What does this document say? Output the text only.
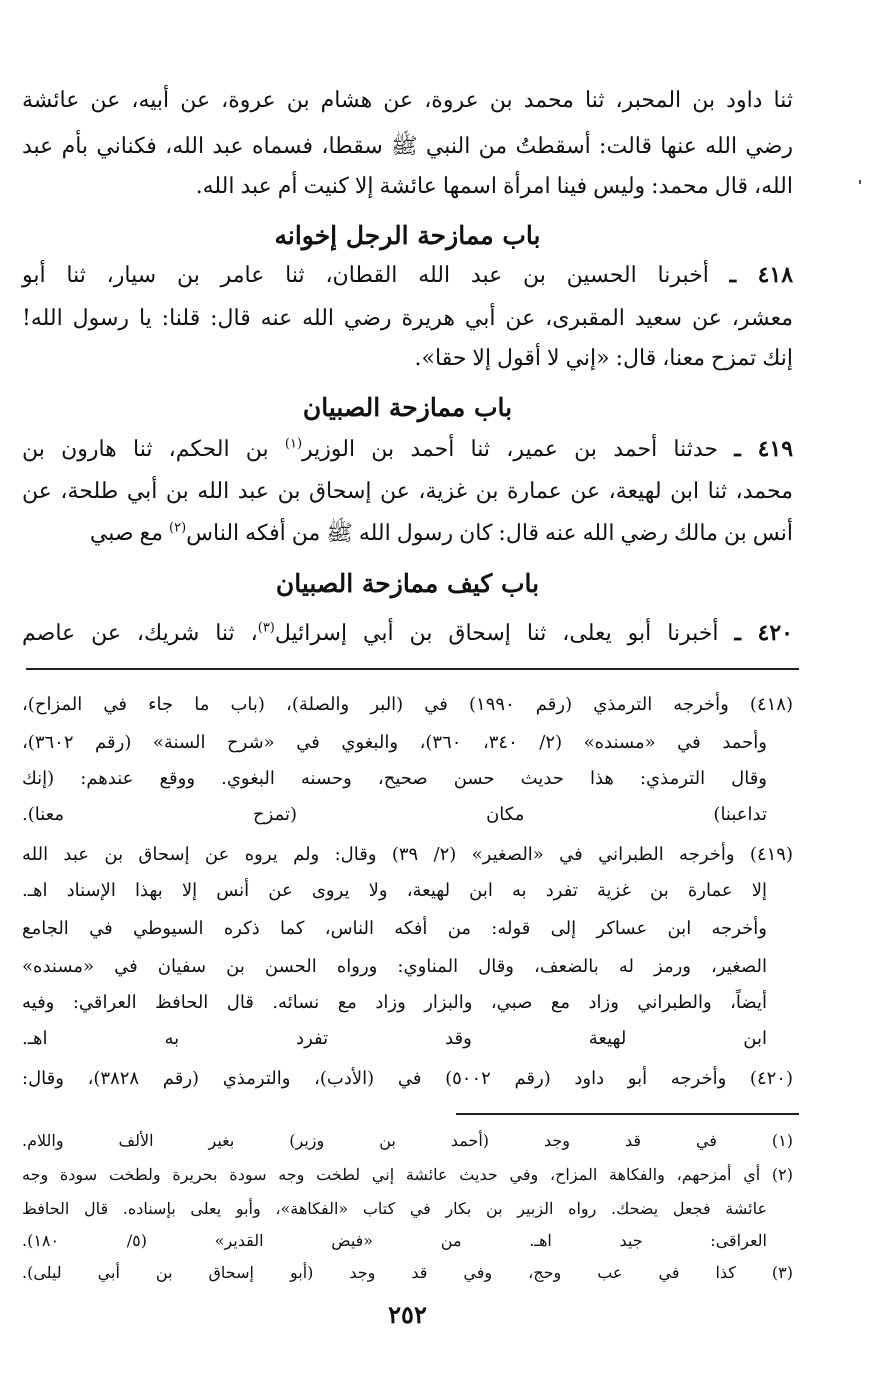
ثنا داود بن المحبر، ثنا محمد بن عروة، عن هشام بن عروة، عن أبيه، عن عائشة
رضي الله عنها قالت: أسقطتُ من النبي ﷺ سقطا، فسماه عبد الله، فكناني بأم عبد
الله، قال محمد: وليس فينا امرأة اسمها عائشة إلا كنيت أم عبد الله.
باب ممازحة الرجل إخوانه
٤١٨ ـ أخبرنا الحسين بن عبد الله القطان، ثنا عامر بن سيار، ثنا أبو
معشر، عن سعيد المقبرى، عن أبي هريرة رضي الله عنه قال: قلنا: يا رسول الله!
إنك تمزح معنا، قال: «إني لا أقول إلا حقا».
باب ممازحة الصبيان
٤١٩ ـ حدثنا أحمد بن عمير، ثنا أحمد بن الوزير$^{(١)}$ بن الحكم، ثنا هارون بن
محمد، ثنا ابن لهيعة، عن عمارة بن غزية، عن إسحاق بن عبد الله بن أبي طلحة، عن
أنس بن مالك رضي الله عنه قال: كان رسول الله ﷺ من أفكه الناس$^{(٢)}$ مع صبي
باب كيف ممازحة الصبيان
٤٢٠ ـ أخبرنا أبو يعلى، ثنا إسحاق بن أبي إسرائيل$^{(٣)}$، ثنا شريك، عن عاصم
(٤١٨) وأخرجه الترمذي (رقم ١٩٩٠) في (البر والصلة)، (باب ما جاء في المزاح)،
وأحمد في «مسنده» (٢/ ٣٤٠، ٣٦٠)، والبغوي في «شرح السنة» (رقم ٣٦٠٢)،
وقال الترمذي: هذا حديث حسن صحيح، وحسنه البغوي. ووقع عندهم: (إنك
تداعبنا) مكان (تمزح معنا).
(٤١٩) وأخرجه الطبراني في «الصغير» (٢/ ٣٩) وقال: ولم يروه عن إسحاق بن عبد الله
إلا عمارة بن غزية تفرد به ابن لهيعة، ولا يروى عن أنس إلا بهذا الإسناد اهـ.
وأخرجه ابن عساكر إلى قوله: من أفكه الناس، كما ذكره السيوطي في الجامع
الصغير، ورمز له بالضعف، وقال المناوي: ورواه الحسن بن سفيان في «مسنده»
أيضاً، والطبراني وزاد مع صبي، والبزار وزاد مع نسائه. قال الحافظ العراقي: وفيه
ابن لهيعة وقد تفرد به اهـ.
(٤٢٠) وأخرجه أبو داود (رقم ٥٠٠٢) في (الأدب)، والترمذي (رقم ٣٨٢٨)، وقال:
(١) في قد وجد (أحمد بن وزير) بغير الألف واللام.
(٢) أي أمزحهم، والفكاهة المزاح، وفي حديث عائشة إني لطخت وجه سودة بحريرة ولطخت سودة وجه
عائشة فجعل يضحك. رواه الزبير بن بكار في كتاب «الفكاهة»، وأبو يعلى بإسناده. قال الحافظ
العراقى: جيد اهـ. من «فيض القدير» (٥/ ١٨٠).
(٣) كذا في عب وحج، وفي قد وجد (أبو إسحاق بن أبي ليلى).
٢٥٢
